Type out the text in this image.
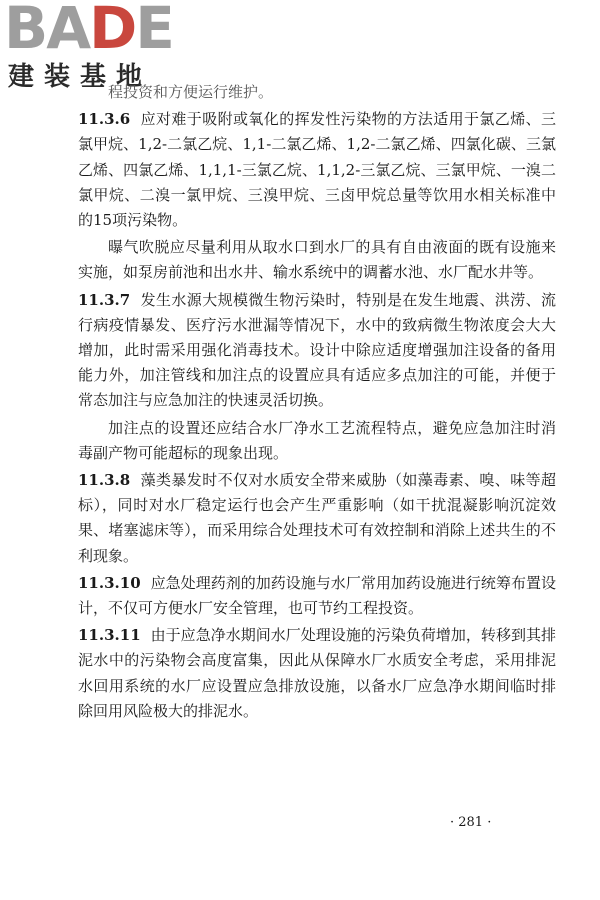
BADE
建装基地

程投资和方便运行维护。

11.3.6 应对难于吸附或氧化的挥发性污染物的方法适用于氯乙烯、三氯甲烷、1,2-二氯乙烷、1,1-二氯乙烯、1,2-二氯乙烯、四氯化碳、三氯乙烯、四氯乙烯、1,1,1-三氯乙烷、1,1,2-三氯乙烷、三氯甲烷、一溴二氯甲烷、二溴一氯甲烷、三溴甲烷、三卤甲烷总量等饮用水相关标准中的15项污染物。

曝气吹脱应尽量利用从取水口到水厂的具有自由液面的既有设施来实施，如泵房前池和出水井、输水系统中的调蓄水池、水厂配水井等。

11.3.7 发生水源大规模微生物污染时，特别是在发生地震、洪涝、流行病疫情暴发、医疗污水泄漏等情况下，水中的致病微生物浓度会大大增加，此时需采用强化消毒技术。设计中除应适度增强加注设备的备用能力外，加注管线和加注点的设置应具有适应多点加注的可能，并便于常态加注与应急加注的快速灵活切换。

加注点的设置还应结合水厂净水工艺流程特点，避免应急加注时消毒副产物可能超标的现象出现。

11.3.8 藻类暴发时不仅对水质安全带来威胁（如藻毒素、嗅、味等超标），同时对水厂稳定运行也会产生严重影响（如干扰混凝影响沉淀效果、堵塞滤床等），而采用综合处理技术可有效控制和消除上述共生的不利现象。

11.3.10 应急处理药剂的加药设施与水厂常用加药设施进行统筹布置设计，不仅可方便水厂安全管理，也可节约工程投资。

11.3.11 由于应急净水期间水厂处理设施的污染负荷增加，转移到其排泥水中的污染物会高度富集，因此从保障水厂水质安全考虑，采用排泥水回用系统的水厂应设置应急排放设施，以备水厂应急净水期间临时排除回用风险极大的排泥水。

· 281 ·
